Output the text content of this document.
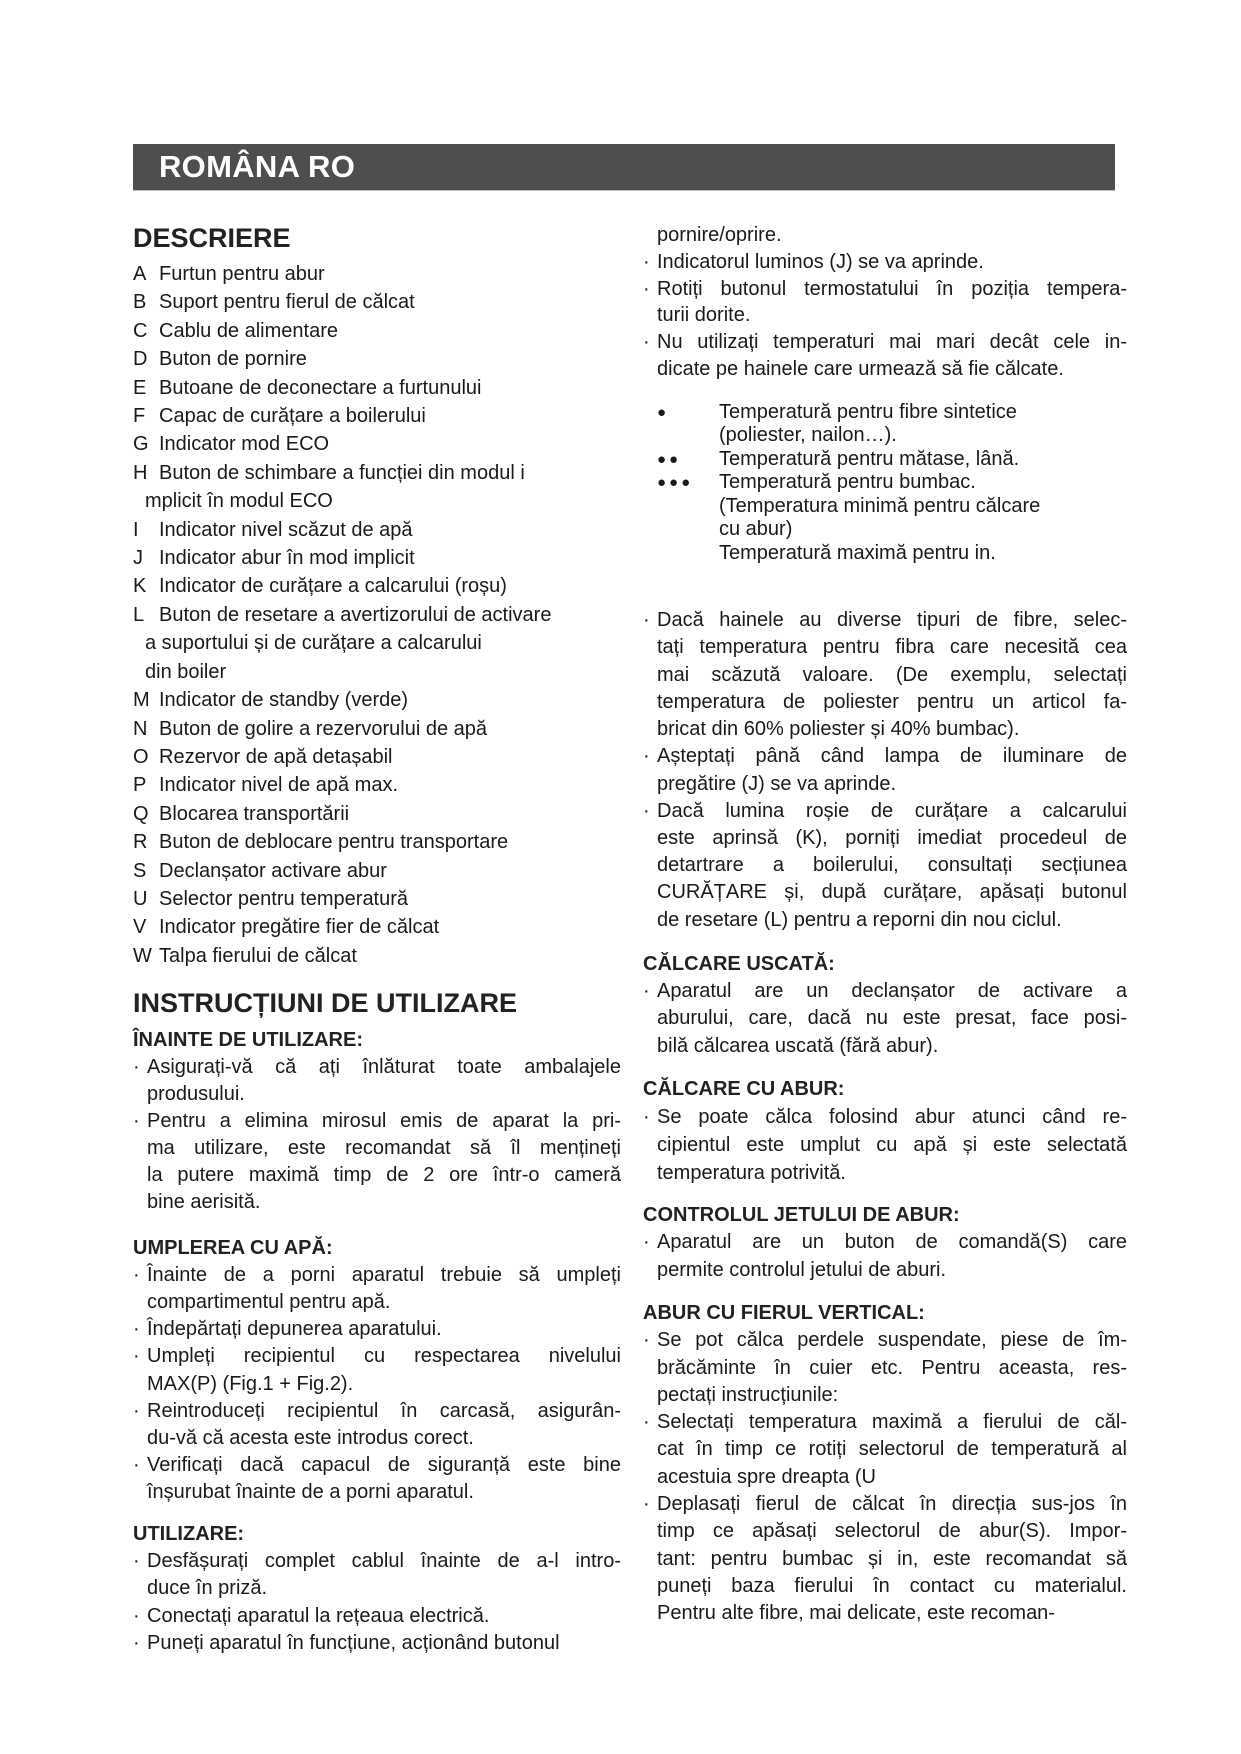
ROMÂNA RO
DESCRIERE
A Furtun pentru abur
B Suport pentru fierul de călcat
C Cablu de alimentare
D Buton de pornire
E Butoane de deconectare a furtunului
F Capac de curățare a boilerului
G Indicator mod ECO
H Buton de schimbare a funcției din modul i
mplicit în modul ECO
I Indicator nivel scăzut de apă
J Indicator abur în mod implicit
K Indicator de curățare a calcarului (roșu)
L Buton de resetare a avertizorului de activare
a suportului și de curățare a calcarului
din boiler
M Indicator de standby (verde)
N Buton de golire a rezervorului de apă
O Rezervor de apă detașabil
P Indicator nivel de apă max.
Q Blocarea transportării
R Buton de deblocare pentru transportare
S Declanșator activare abur
U Selector pentru temperatură
V Indicator pregătire fier de călcat
W Talpa fierului de călcat
INSTRUCȚIUNI DE UTILIZARE
ÎNAINTE DE UTILIZARE:
· Asigurați-vă că ați înlăturat toate ambalajele
produsului.
· Pentru a elimina mirosul emis de aparat la pri-
ma utilizare, este recomandat să îl mențineți
la putere maximă timp de 2 ore într-o cameră
bine aerisită.
UMPLEREA CU APĂ:
· Înainte de a porni aparatul trebuie să umpleți
compartimentul pentru apă.
· Îndepărtați depunerea aparatului.
· Umpleți recipientul cu respectarea nivelului
MAX(P) (Fig.1 + Fig.2).
· Reintroduceți recipientul în carcasă, asigurân-
du-vă că acesta este introdus corect.
· Verificați dacă capacul de siguranță este bine
înșurubat înainte de a porni aparatul.
UTILIZARE:
· Desfășurați complet cablul înainte de a-l intro-
duce în priză.
· Conectați aparatul la rețeaua electrică.
· Puneți aparatul în funcțiune, acționând butonul
pornire/oprire.
· Indicatorul luminos (J) se va aprinde.
· Rotiți butonul termostatului în poziția tempera-
turii dorite.
· Nu utilizați temperaturi mai mari decât cele in-
dicate pe hainele care urmează să fie călcate.
● Temperatură pentru fibre sintetice
(poliester, nailon…).
●● Temperatură pentru mătase, lână.
●●● Temperatură pentru bumbac.
(Temperatura minimă pentru călcare
cu abur)
Temperatură maximă pentru in.
· Dacă hainele au diverse tipuri de fibre, selec-
tați temperatura pentru fibra care necesită cea
mai scăzută valoare. (De exemplu, selectați
temperatura de poliester pentru un articol fa-
bricat din 60% poliester și 40% bumbac).
· Așteptați până când lampa de iluminare de
pregătire (J) se va aprinde.
· Dacă lumina roșie de curățare a calcarului
este aprinsă (K), porniți imediat procedeul de
detartrare a boilerului, consultați secțiunea
CURĂȚARE și, după curățare, apăsați butonul
de resetare (L) pentru a reporni din nou ciclul.
CĂLCARE USCATĂ:
· Aparatul are un declanșator de activare a
aburului, care, dacă nu este presat, face posi-
bilă călcarea uscată (fără abur).
CĂLCARE CU ABUR:
· Se poate călca folosind abur atunci când re-
cipientul este umplut cu apă și este selectată
temperatura potrivită.
CONTROLUL JETULUI DE ABUR:
· Aparatul are un buton de comandă(S) care
permite controlul jetului de aburi.
ABUR CU FIERUL VERTICAL:
· Se pot călca perdele suspendate, piese de îm-
brăcăminte în cuier etc. Pentru aceasta, res-
pectați instrucțiunile:
· Selectați temperatura maximă a fierului de căl-
cat în timp ce rotiți selectorul de temperatură al
acestuia spre dreapta (U
· Deplasați fierul de călcat în direcția sus-jos în
timp ce apăsați selectorul de abur(S). Impor-
tant: pentru bumbac și in, este recomandat să
puneți baza fierului în contact cu materialul.
Pentru alte fibre, mai delicate, este recoman-
